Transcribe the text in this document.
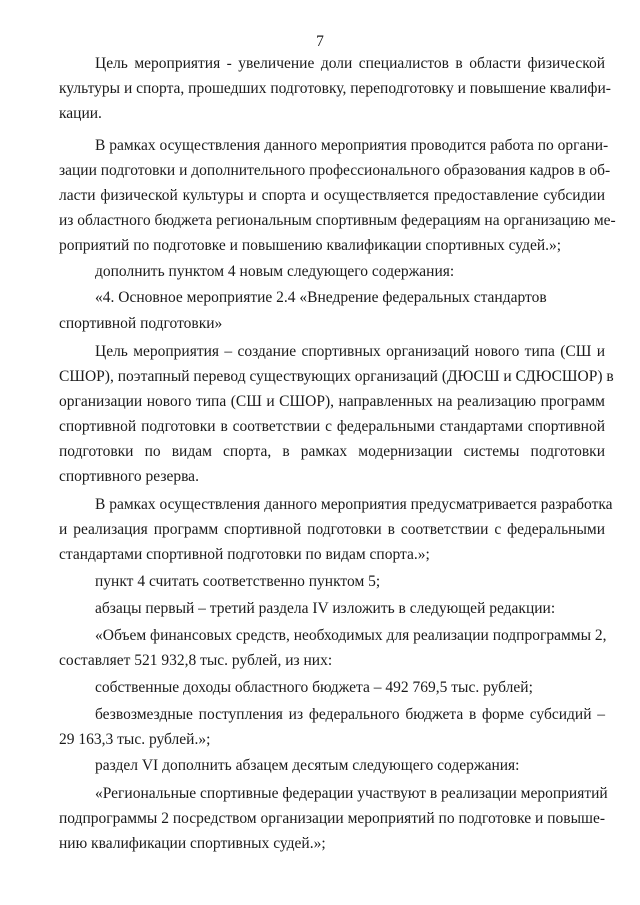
7
Цель мероприятия - увеличение доли специалистов в области физической
культуры и спорта, прошедших подготовку, переподготовку и повышение квалифи-
кации.
В рамках осуществления данного мероприятия проводится работа по органи-
зации подготовки и дополнительного профессионального образования кадров в об-
ласти физической культуры и спорта и осуществляется предоставление субсидии
из областного бюджета региональным спортивным федерациям на организацию ме-
роприятий по подготовке и повышению квалификации спортивных судей.»;
дополнить пунктом 4 новым следующего содержания:
«4. Основное мероприятие 2.4 «Внедрение федеральных стандартов
спортивной подготовки»
Цель мероприятия – создание спортивных организаций нового типа (СШ и
СШОР), поэтапный перевод существующих организаций (ДЮСШ и СДЮСШОР) в
организации нового типа (СШ и СШОР), направленных на реализацию программ
спортивной подготовки в соответствии с федеральными стандартами спортивной
подготовки по видам спорта, в рамках модернизации системы подготовки
спортивного резерва.
В рамках осуществления данного мероприятия предусматривается разработка
и реализация программ спортивной подготовки в соответствии с федеральными
стандартами спортивной подготовки по видам спорта.»;
пункт 4 считать соответственно пунктом 5;
абзацы первый – третий раздела IV изложить в следующей редакции:
«Объем финансовых средств, необходимых для реализации подпрограммы 2,
составляет 521 932,8 тыс. рублей, из них:
собственные доходы областного бюджета – 492 769,5 тыс. рублей;
безвозмездные поступления из федерального бюджета в форме субсидий –
29 163,3 тыс. рублей.»;
раздел VI дополнить абзацем десятым следующего содержания:
«Региональные спортивные федерации участвуют в реализации мероприятий
подпрограммы 2 посредством организации мероприятий по подготовке и повыше-
нию квалификации спортивных судей.»;
